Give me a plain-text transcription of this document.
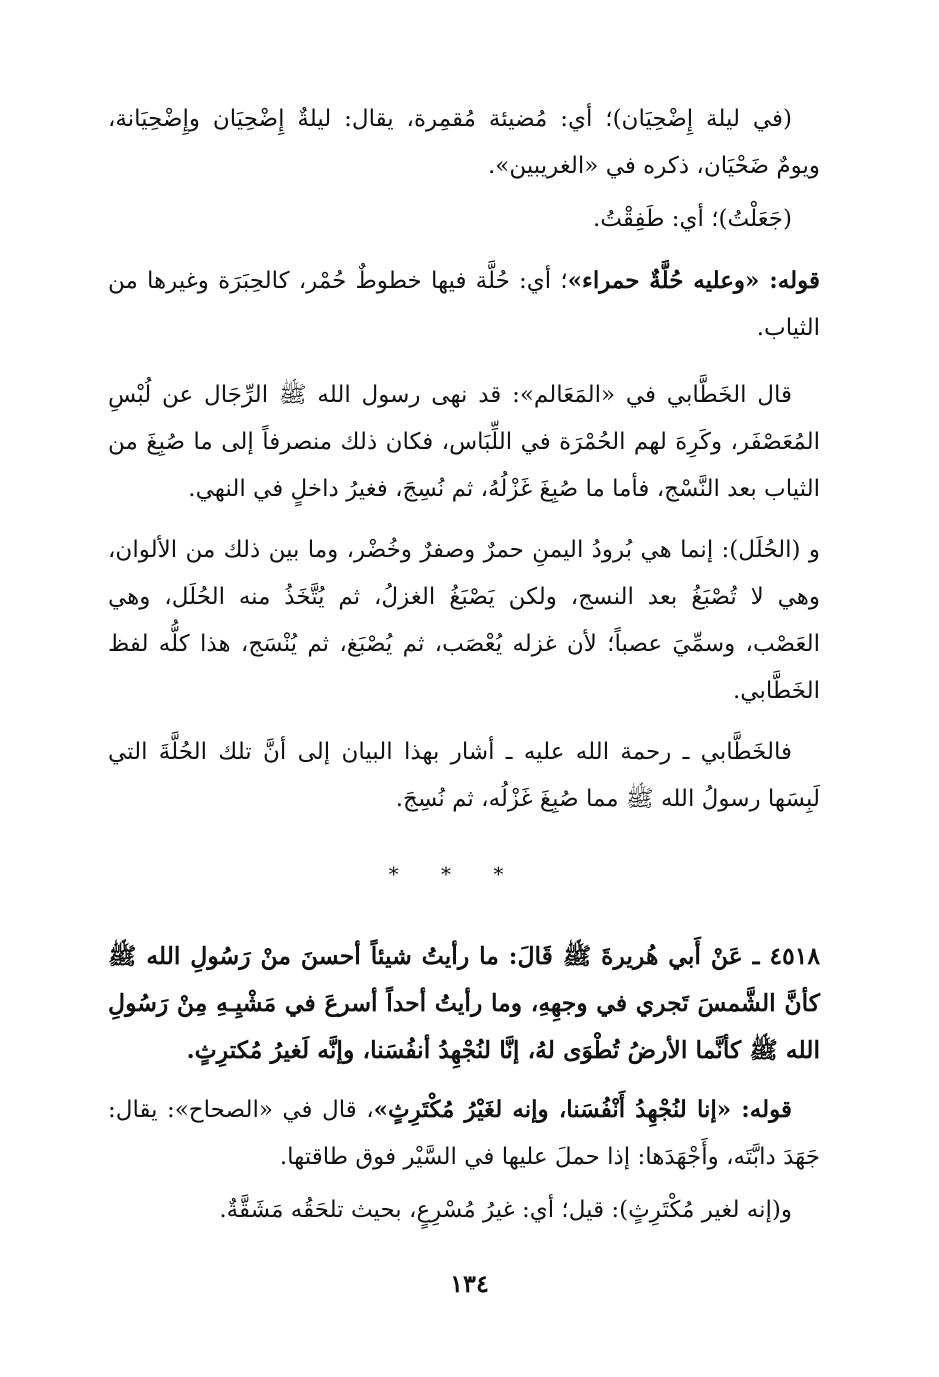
(في ليلة إِضْحِيَان)؛ أي: مُضيئة مُقمِرة، يقال: ليلةٌ إِضْحِيَان وإِضْحِيَانة، ويومٌ ضَحْيَان، ذكره في «الغريبين».

(جَعَلْتُ)؛ أي: طَفِقْتُ.

قوله: «وعليه حُلَّةٌ حمراء»؛ أي: حُلَّة فيها خطوطٌ حُمْر، كالحِبَرَة وغيرها من الثياب.

قال الخَطَّابي في «المَعَالم»: قد نهى رسول الله ﷺ الرِّجَال عن لُبْسِ المُعَصْفَر، وكَرِهَ لهم الحُمْرَة في اللِّبَاس، فكان ذلك منصرفاً إلى ما صُبِغَ من الثياب بعد النَّسْج، فأما ما صُبِغَ غَزْلُهُ، ثم نُسِجَ، فغيرُ داخلٍ في النهي.

و (الحُلَل): إنما هي بُرودُ اليمنِ حمرٌ وصفرٌ وخُضْر، وما بين ذلك من الألوان، وهي لا تُصْبَغُ بعد النسج، ولكن يَصْبَغُ الغزلُ، ثم يُتَّخَذُ منه الحُلَل، وهي العَصْب، وسمِّيَ عصباً؛ لأن غزله يُعْصَب، ثم يُصْبَغ، ثم يُنْسَج، هذا كلُّه لفظ الخَطَّابي.

فالخَطَّابي ـ رحمة الله عليه ـ أشار بهذا البيان إلى أنَّ تلك الحُلَّةَ التي لَبِسَها رسولُ الله ﷺ مما صُبِغَ غَزْلُه، ثم نُسِجَ.

* * *

٤٥١٨ ـ عَنْ أَبي هُريرةَ ﷺ قَالَ: ما رأيتُ شيئاً أحسنَ منْ رَسُولِ الله ﷺ كأنَّ الشَّمسَ تَجري في وجهِهِ، وما رأيتُ أحداً أسرعَ في مَشْيِـهِ مِنْ رَسُولِ الله ﷺ كأنَّما الأرضُ تُطْوَى لهُ، إنَّا لنُجْهِدُ أنفُسَنا، وإنَّه لَغيرُ مُكترِثٍ.

قوله: «إنا لنُجْهِدُ أَنْفُسَنا، وإنه لغَيْرُ مُكْتَرِثٍ»، قال في «الصحاح»: يقال: جَهَدَ دابَّتَه، وأَجْهَدَها: إذا حملَ عليها في السَّيْر فوق طاقتها.

و(إنه لغير مُكْتَرِثٍ): قيل؛ أي: غيرُ مُسْرِعٍ، بحيث تلحَقُه مَشَقَّةٌ.

١٣٤
